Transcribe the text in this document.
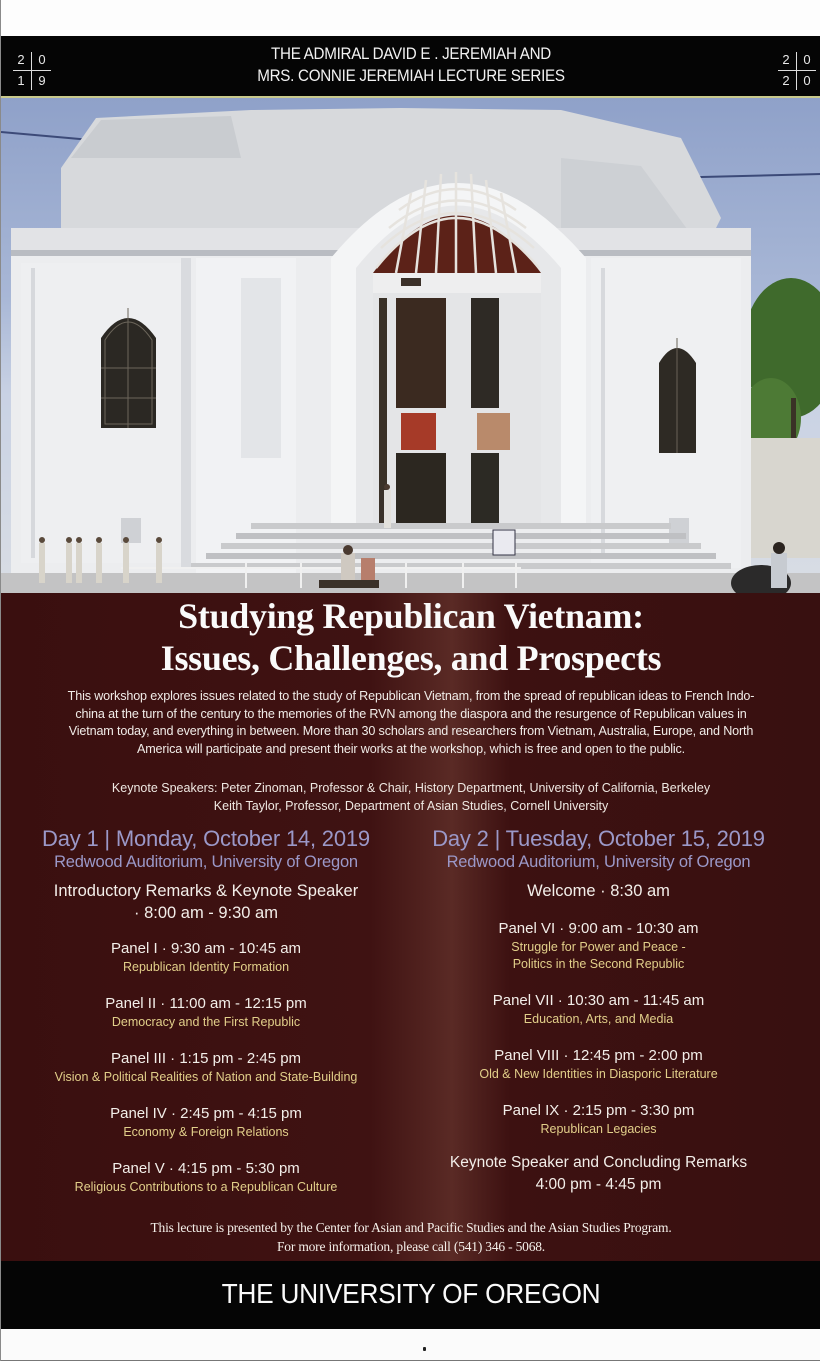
2	0
1	9
THE ADMIRAL DAVID E . JEREMIAH AND
MRS. CONNIE JEREMIAH LECTURE SERIES
2	0
2	0
Studying Republican Vietnam:
Issues, Challenges, and Prospects
This workshop explores issues related to the study of Republican Vietnam, from the spread of republican ideas to French Indo-
china at the turn of the century to the memories of the RVN among the diaspora and the resurgence of Republican values in
Vietnam today, and everything in between. More than 30 scholars and researchers from Vietnam, Australia, Europe, and North
America will participate and present their works at the workshop, which is free and open to the public.
Keynote Speakers: Peter Zinoman, Professor & Chair, History Department, University of California, Berkeley
Keith Taylor, Professor, Department of Asian Studies, Cornell University
Day 1 | Monday, October 14, 2019
Redwood Auditorium, University of Oregon
Introductory Remarks & Keynote Speaker
· 8:00 am - 9:30 am
Panel I · 9:30 am - 10:45 am
Republican Identity Formation
Panel II · 11:00 am - 12:15 pm
Democracy and the First Republic
Panel III · 1:15 pm - 2:45 pm
Vision & Political Realities of Nation and State-Building
Panel IV · 2:45 pm - 4:15 pm
Economy & Foreign Relations
Panel V · 4:15 pm - 5:30 pm
Religious Contributions to a Republican Culture
Day 2 | Tuesday, October 15, 2019
Redwood Auditorium, University of Oregon
Welcome · 8:30 am
Panel VI · 9:00 am - 10:30 am
Struggle for Power and Peace -
Politics in the Second Republic
Panel VII · 10:30 am - 11:45 am
Education, Arts, and Media
Panel VIII · 12:45 pm - 2:00 pm
Old & New Identities in Diasporic Literature
Panel IX · 2:15 pm - 3:30 pm
Republican Legacies
Keynote Speaker and Concluding Remarks
4:00 pm - 4:45 pm
This lecture is presented by the Center for Asian and Pacific Studies and the Asian Studies Program.
For more information, please call (541) 346 - 5068.
THE UNIVERSITY OF OREGON
